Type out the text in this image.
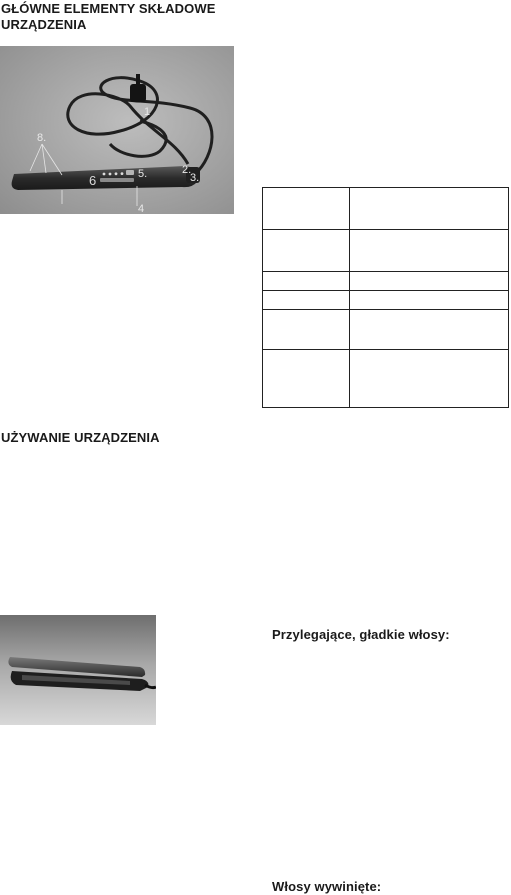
GŁÓWNE ELEMENTY SKŁADOWE URZĄDZENIA
1
2.
3.
4
5.
6
8.

UŻYWANIE URZĄDZENIA
Przylegające, gładkie włosy:
Włosy wywinięte:
